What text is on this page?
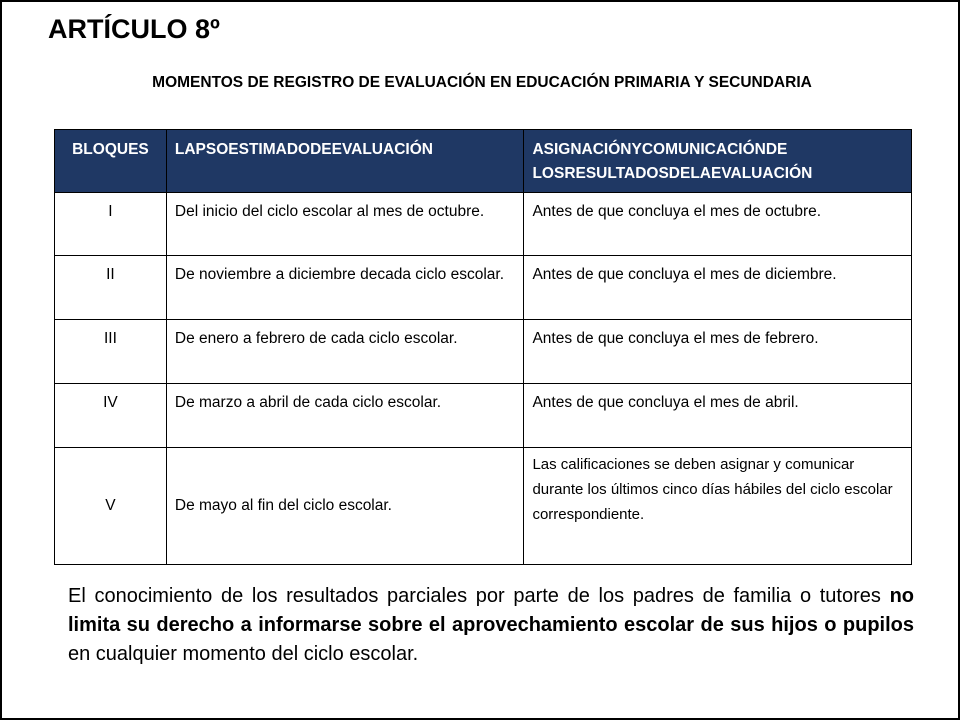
ARTÍCULO 8º
MOMENTOS DE REGISTRO DE EVALUACIÓN EN EDUCACIÓN PRIMARIA Y SECUNDARIA
BLOQUES	LAPSOESTIMADODEEVALUACIÓN	ASIGNACIÓNYCOMUNICACIÓNDE LOSRESULTADOSDELAEVALUACIÓN
I	Del inicio del ciclo escolar al mes de octubre.	Antes de que concluya el mes de octubre.
II	De noviembre a diciembre decada ciclo escolar.	Antes de que concluya el mes de diciembre.
III	De enero a febrero de cada ciclo escolar.	Antes de que concluya el mes de febrero.
IV	De marzo a abril de cada ciclo escolar.	Antes de que concluya el mes de abril.
V	De mayo al fin del ciclo escolar.	Las calificaciones se deben asignar y comunicar durante los últimos cinco días hábiles del ciclo escolar correspondiente.

El conocimiento de los resultados parciales por parte de los padres de familia o tutores no limita su derecho a informarse sobre el aprovechamiento escolar de sus hijos o pupilos en cualquier momento del ciclo escolar.
